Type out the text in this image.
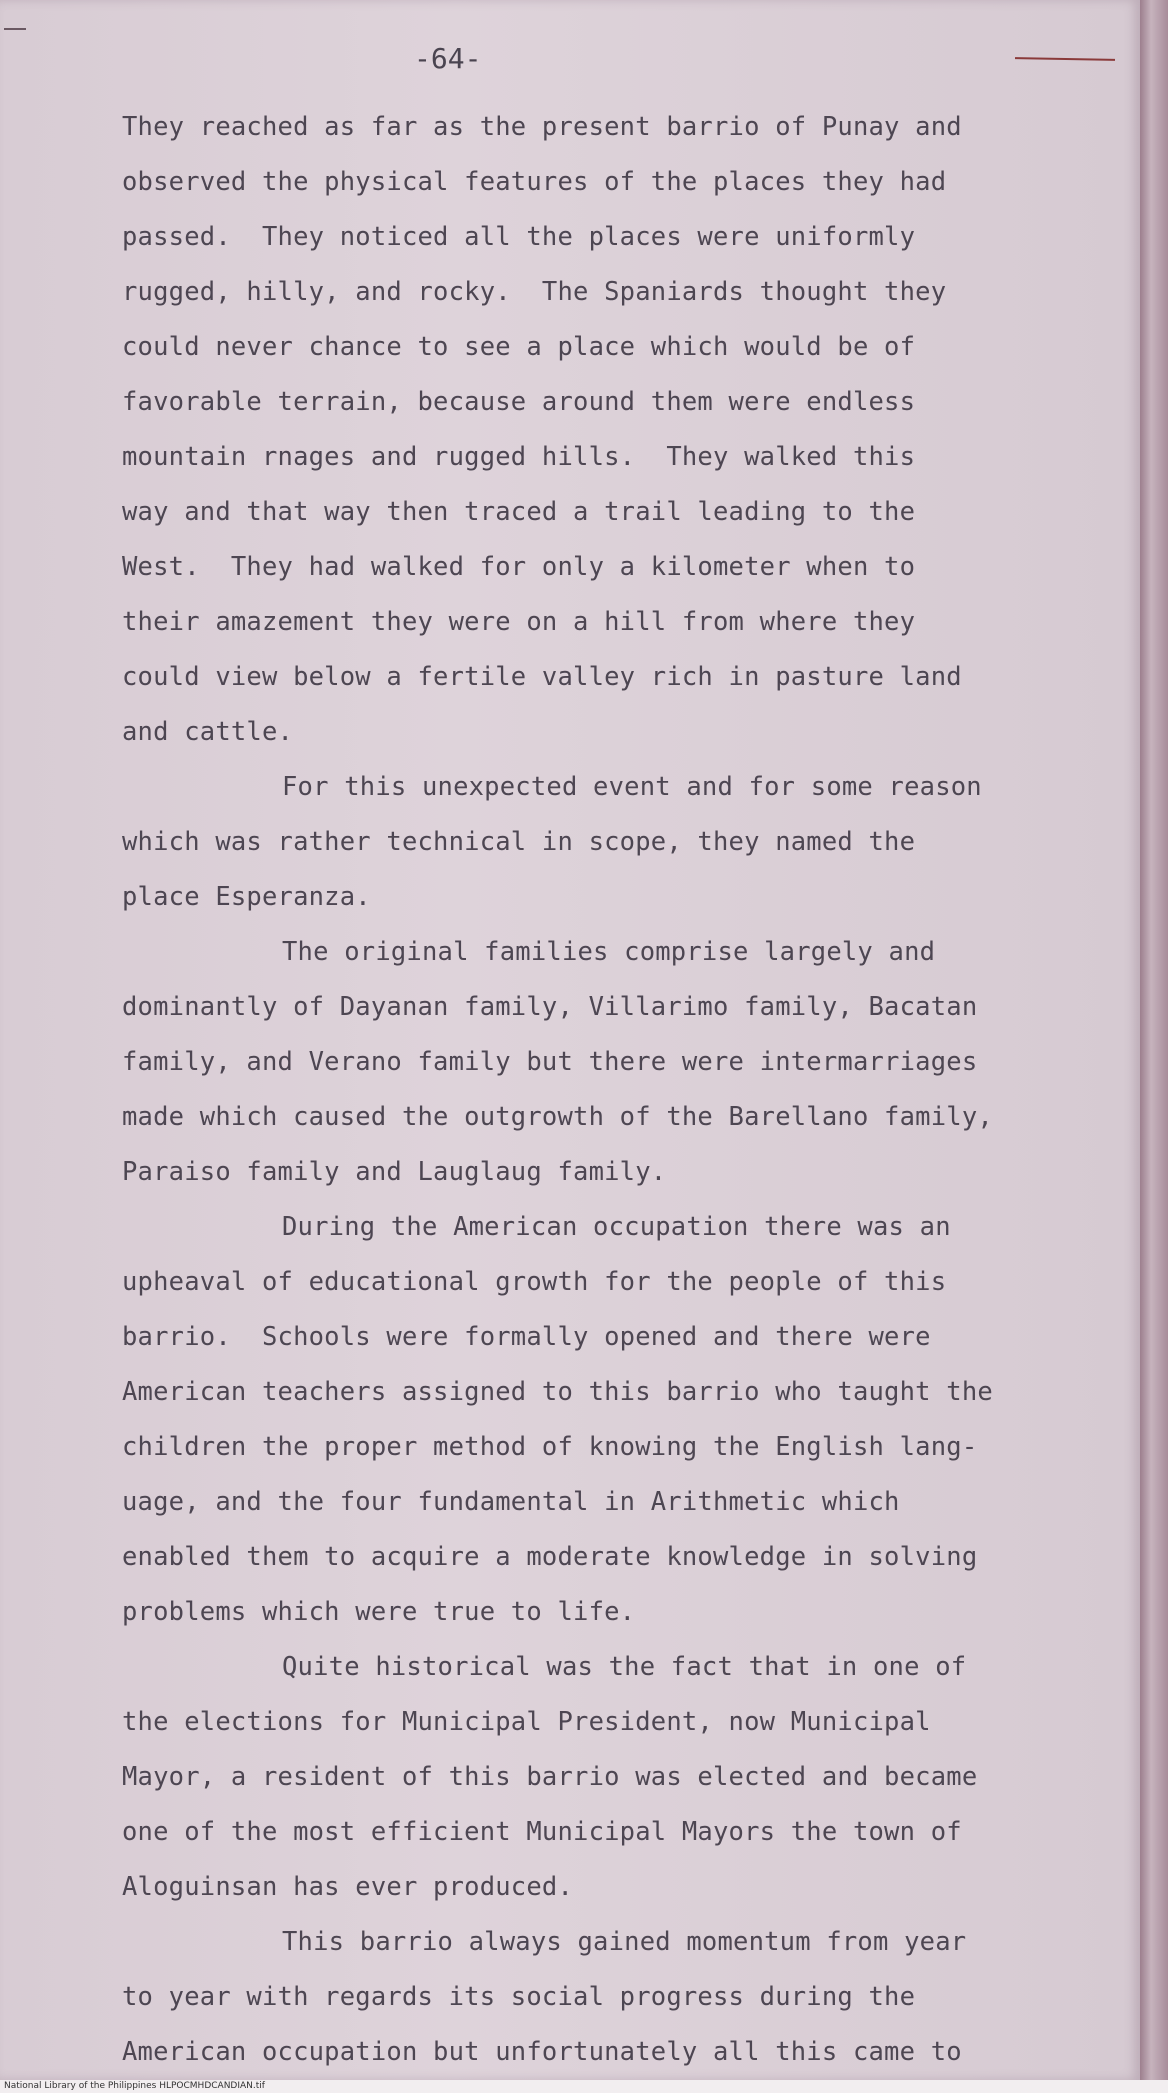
-64-
They reached as far as the present barrio of Punay and
observed the physical features of the places they had
passed.  They noticed all the places were uniformly
rugged, hilly, and rocky.  The Spaniards thought they
could never chance to see a place which would be of
favorable terrain, because around them were endless
mountain rnages and rugged hills.  They walked this
way and that way then traced a trail leading to the
West.  They had walked for only a kilometer when to
their amazement they were on a hill from where they
could view below a fertile valley rich in pasture land
and cattle.
For this unexpected event and for some reason
which was rather technical in scope, they named the
place Esperanza.
The original families comprise largely and
dominantly of Dayanan family, Villarimo family, Bacatan
family, and Verano family but there were intermarriages
made which caused the outgrowth of the Barellano family,
Paraiso family and Lauglaug family.
During the American occupation there was an
upheaval of educational growth for the people of this
barrio.  Schools were formally opened and there were
American teachers assigned to this barrio who taught the
children the proper method of knowing the English lang-
uage, and the four fundamental in Arithmetic which
enabled them to acquire a moderate knowledge in solving
problems which were true to life.
Quite historical was the fact that in one of
the elections for Municipal President, now Municipal
Mayor, a resident of this barrio was elected and became
one of the most efficient Municipal Mayors the town of
Aloguinsan has ever produced.
This barrio always gained momentum from year
to year with regards its social progress during the
American occupation but unfortunately all this came to
National Library of the Philippines HLPOCMHDCANDIAN.tif
